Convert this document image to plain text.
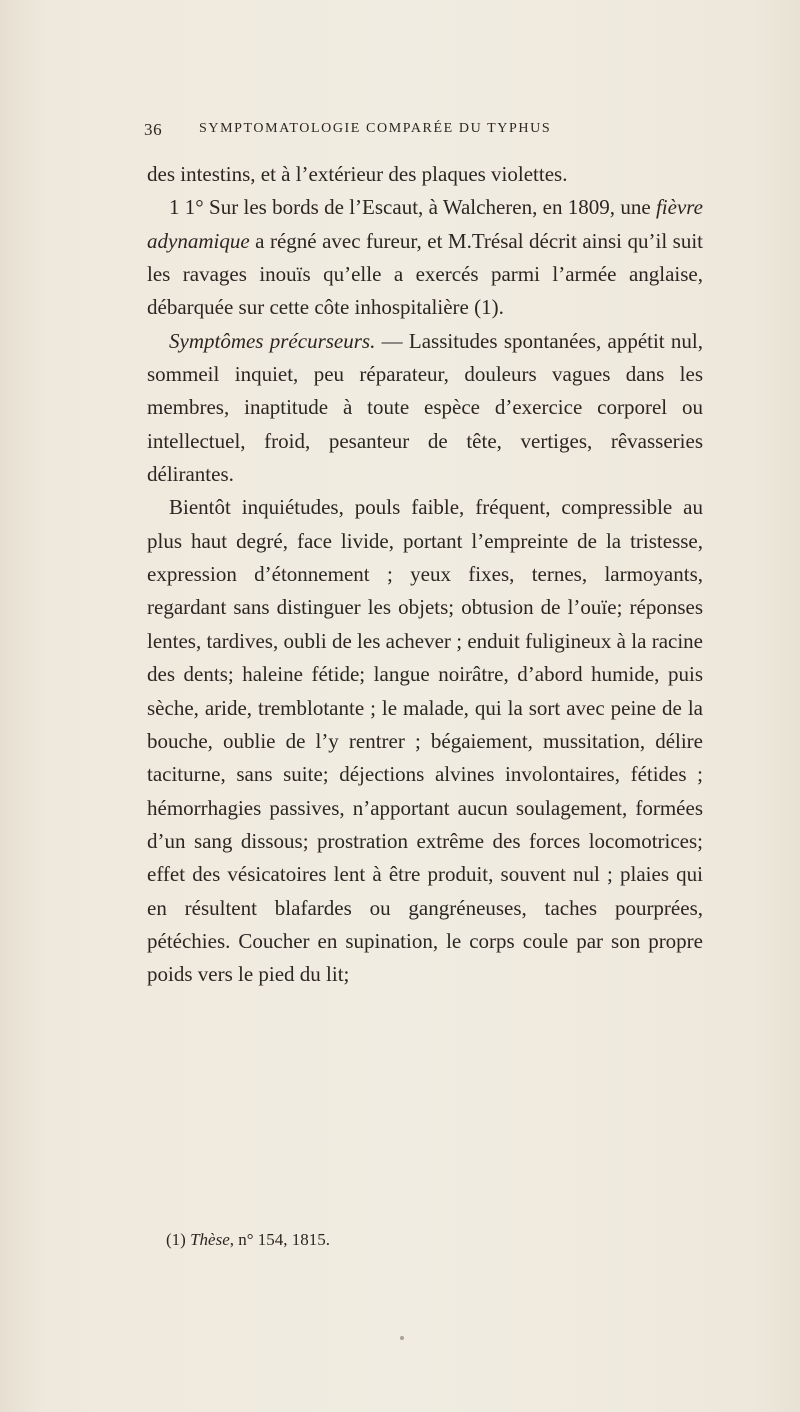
36	SYMPTOMATOLOGIE COMPARÉE DU TYPHUS

des intestins, et à l’extérieur des plaques violettes.

1 1° Sur les bords de l’Escaut, à Walcheren, en 1809, une fièvre adynamique a régné avec fureur, et M.Trésal décrit ainsi qu’il suit les ravages inouïs qu’elle a exercés parmi l’armée anglaise, débarquée sur cette côte inhospitalière (1).

Symptômes précurseurs. — Lassitudes spontanées, appétit nul, sommeil inquiet, peu réparateur, douleurs vagues dans les membres, inaptitude à toute espèce d’exercice corporel ou intellectuel, froid, pesanteur de tête, vertiges, rêvasseries délirantes.

Bientôt inquiétudes, pouls faible, fréquent, compressible au plus haut degré, face livide, portant l’empreinte de la tristesse, expression d’étonnement ; yeux fixes, ternes, larmoyants, regardant sans distinguer les objets; obtusion de l’ouïe; réponses lentes, tardives, oubli de les achever ; enduit fuligineux à la racine des dents; haleine fétide; langue noirâtre, d’abord humide, puis sèche, aride, tremblotante ; le malade, qui la sort avec peine de la bouche, oublie de l’y rentrer ; bégaiement, mussitation, délire taciturne, sans suite; déjections alvines involontaires, fétides ; hémorrhagies passives, n’apportant aucun soulagement, formées d’un sang dissous; prostration extrême des forces locomotrices; effet des vésicatoires lent à être produit, souvent nul ; plaies qui en résultent blafardes ou gangréneuses, taches pourprées, pétéchies. Coucher en supination, le corps coule par son propre poids vers le pied du lit;

(1) Thèse, n° 154, 1815.
